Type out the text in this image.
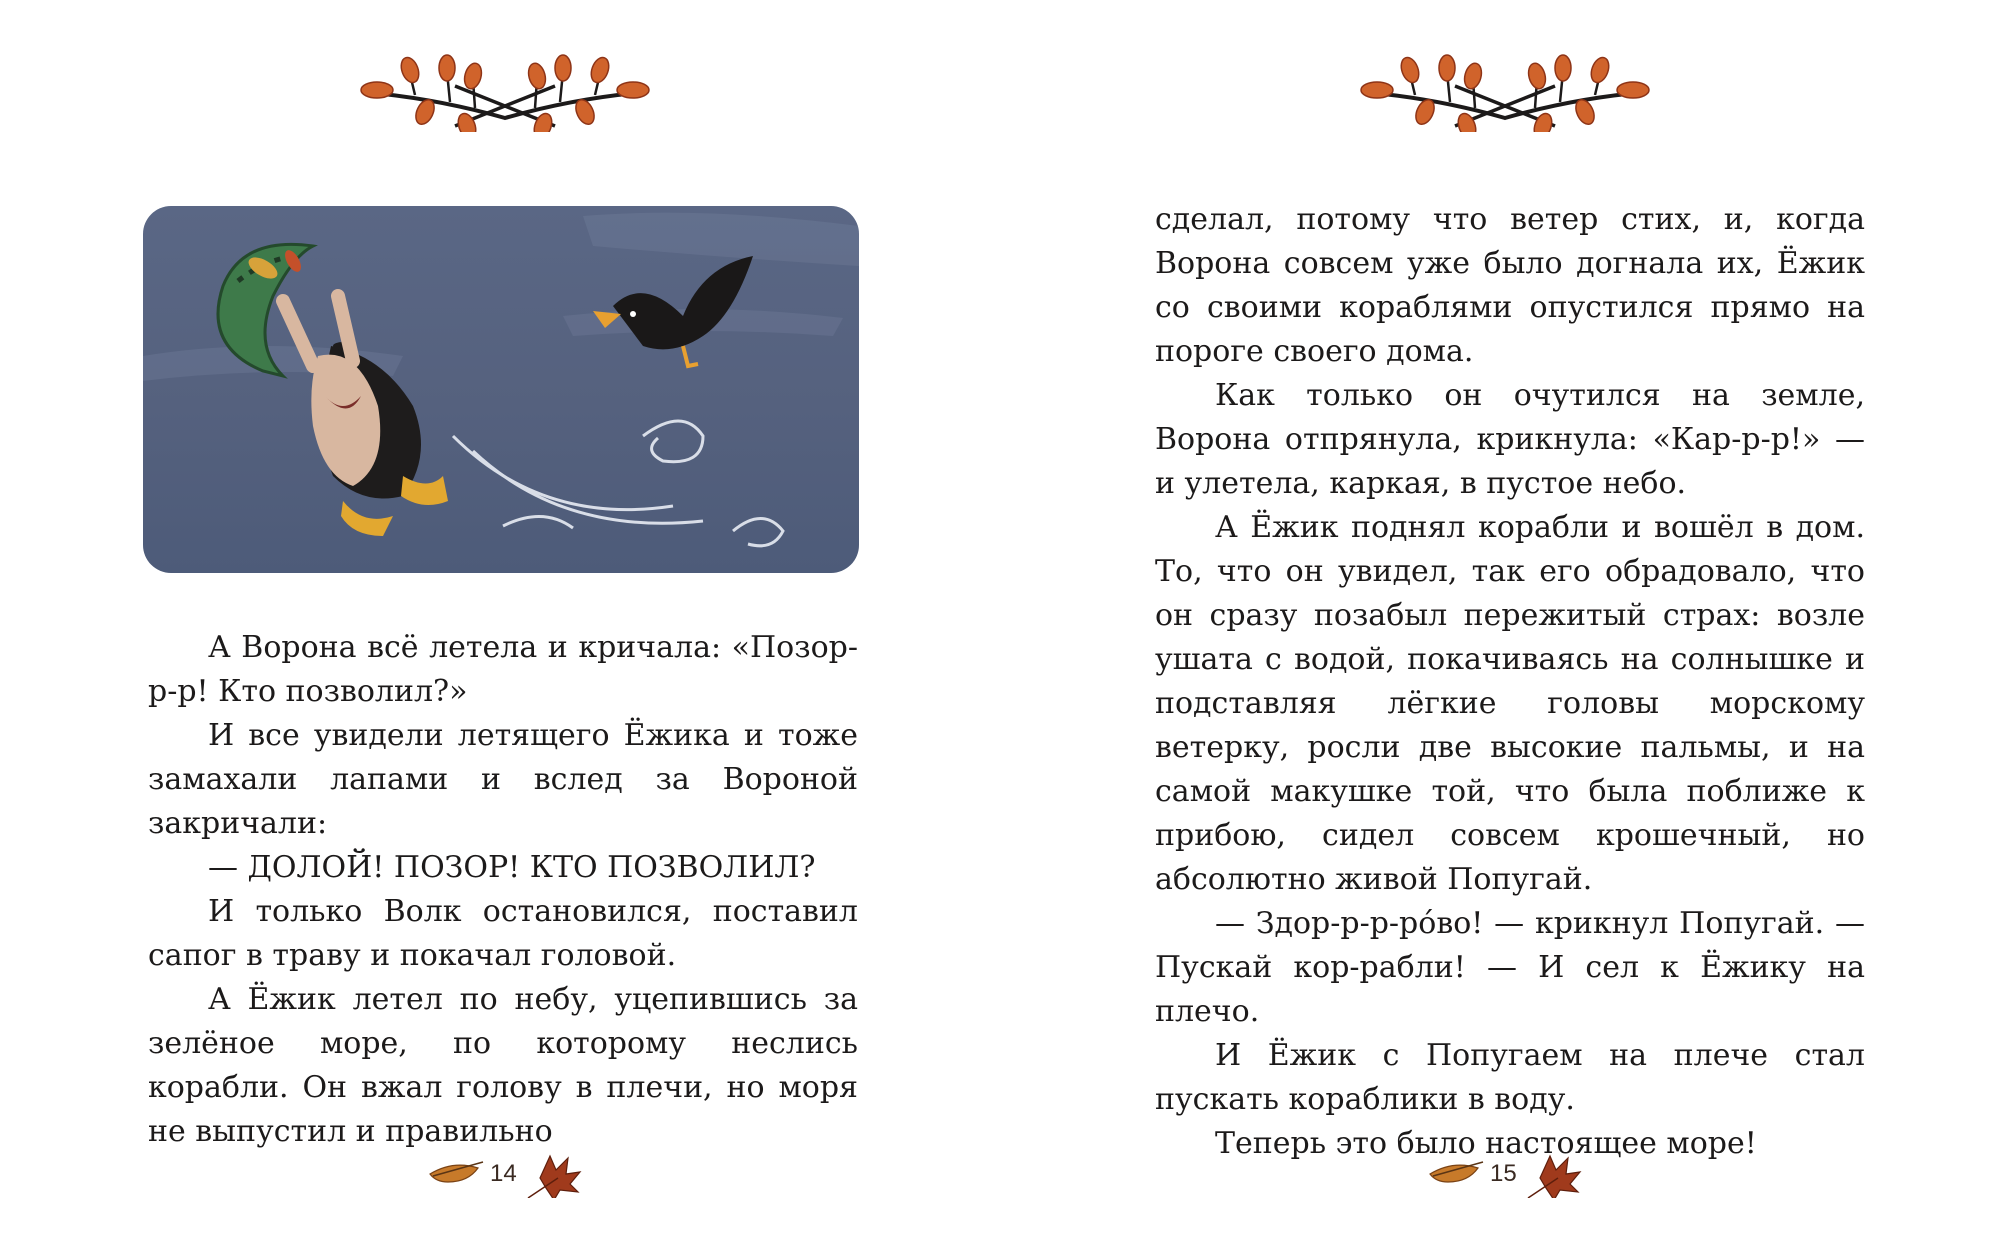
А Ворона всё летела и кричала: «Позор-р-р! Кто позволил?»

И все увидели летящего Ёжика и тоже замахали лапами и вслед за Вороной закричали:

— ДОЛОЙ! ПОЗОР! КТО ПОЗВОЛИЛ?

И только Волк остановился, поставил сапог в траву и покачал головой.

А Ёжик летел по небу, уцепившись за зелёное море, по которому неслись корабли. Он вжал голову в плечи, но моря не выпустил и правильно

14

сделал, потому что ветер стих, и, когда Ворона совсем уже было догнала их, Ёжик со своими кораблями опустился прямо на пороге своего дома.

Как только он очутился на земле, Ворона отпрянула, крикнула: «Кар-р-р!» — и улетела, каркая, в пустое небо.

А Ёжик поднял корабли и вошёл в дом. То, что он увидел, так его обрадовало, что он сразу позабыл пережитый страх: возле ушата с водой, покачиваясь на солнышке и подставляя лёгкие головы морскому ветерку, росли две высокие пальмы, и на самой макушке той, что была поближе к прибою, сидел совсем крошечный, но абсолютно живой Попугай.

— Здор-р-р-ро́во! — крикнул Попугай. — Пускай кор-рабли! — И сел к Ёжику на плечо.

И Ёжик с Попугаем на плече стал пускать кораблики в воду.

Теперь это было настоящее море!

15
